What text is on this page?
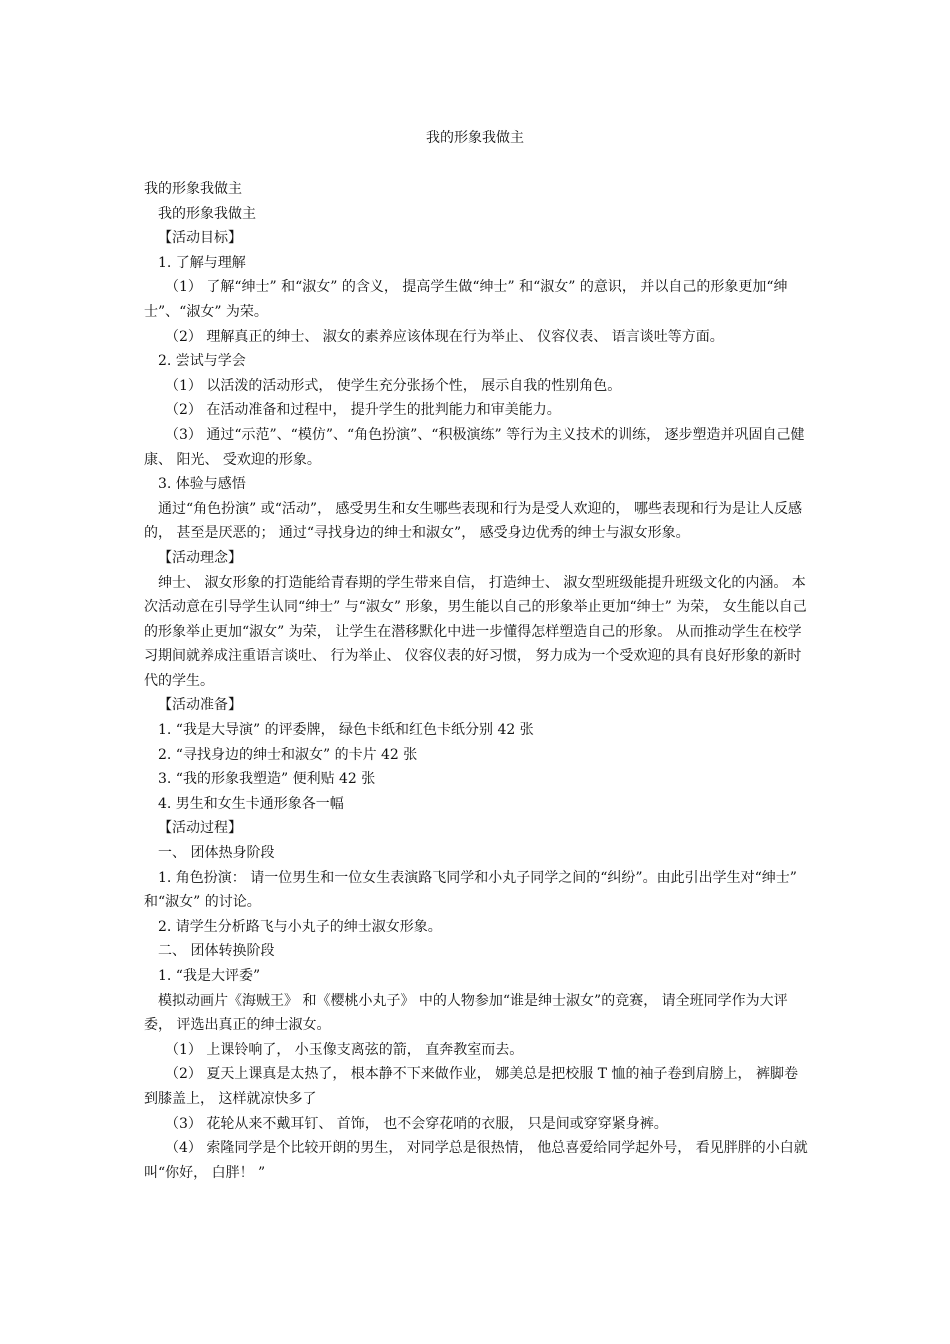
我的形象我做主

我的形象我做主

我的形象我做主

【活动目标】

1. 了解与理解

（1） 了解“绅士” 和“淑女” 的含义， 提高学生做“绅士” 和“淑女” 的意识， 并以自己的形象更加“绅士”、“淑女” 为荣。

（2） 理解真正的绅士、 淑女的素养应该体现在行为举止、 仪容仪表、 语言谈吐等方面。

2. 尝试与学会

（1） 以活泼的活动形式， 使学生充分张扬个性， 展示自我的性别角色。

（2） 在活动准备和过程中， 提升学生的批判能力和审美能力。

（3） 通过“示范”、“模仿”、“角色扮演”、“积极演练” 等行为主义技术的训练， 逐步塑造并巩固自己健康、 阳光、 受欢迎的形象。

3. 体验与感悟

通过“角色扮演” 或“活动”， 感受男生和女生哪些表现和行为是受人欢迎的， 哪些表现和行为是让人反感的， 甚至是厌恶的； 通过“寻找身边的绅士和淑女”， 感受身边优秀的绅士与淑女形象。

【活动理念】

绅士、 淑女形象的打造能给青春期的学生带来自信， 打造绅士、 淑女型班级能提升班级文化的内涵。 本次活动意在引导学生认同“绅士” 与“淑女” 形象，男生能以自己的形象举止更加“绅士” 为荣， 女生能以自己的形象举止更加“淑女” 为荣， 让学生在潜移默化中进一步懂得怎样塑造自己的形象。 从而推动学生在校学习期间就养成注重语言谈吐、 行为举止、 仪容仪表的好习惯， 努力成为一个受欢迎的具有良好形象的新时代的学生。

【活动准备】

1. “我是大导演” 的评委牌， 绿色卡纸和红色卡纸分别 42 张

2. “寻找身边的绅士和淑女” 的卡片 42 张

3. “我的形象我塑造” 便利贴 42 张

4. 男生和女生卡通形象各一幅

【活动过程】

一、 团体热身阶段

1. 角色扮演： 请一位男生和一位女生表演路飞同学和小丸子同学之间的“纠纷”。由此引出学生对“绅士” 和“淑女” 的讨论。

2. 请学生分析路飞与小丸子的绅士淑女形象。

二、 团体转换阶段

1. “我是大评委”

模拟动画片《海贼王》 和《樱桃小丸子》 中的人物参加“谁是绅士淑女”的竞赛， 请全班同学作为大评委， 评选出真正的绅士淑女。

（1） 上课铃响了， 小玉像支离弦的箭， 直奔教室而去。

（2） 夏天上课真是太热了， 根本静不下来做作业， 娜美总是把校服 T 恤的袖子卷到肩膀上， 裤脚卷到膝盖上， 这样就凉快多了

（3） 花轮从来不戴耳钉、 首饰， 也不会穿花哨的衣服， 只是间或穿穿紧身裤。

（4） 索隆同学是个比较开朗的男生， 对同学总是很热情， 他总喜爱给同学起外号， 看见胖胖的小白就叫“你好， 白胖！ ”
